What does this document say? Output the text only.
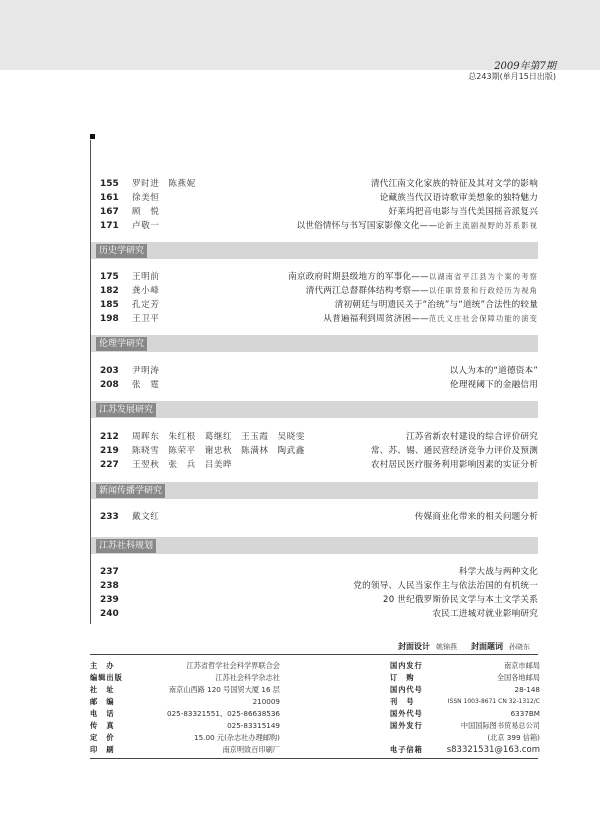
2009年第7期
总243期(单月15日出版)
155	罗时进　陈燕妮	清代江南文化家族的特征及其对文学的影响
161	徐美恒	论藏族当代汉语诗歌审美想象的独特魅力
167	顾　悦	好莱坞把音电影与当代美国摇音派复兴
171	卢敬一	以世俗情怀与书写国家影像文化——论新主流剧视野的苏系影视
历史学研究
175	王明前	南京政府时期县级地方的军事化——以湖南省平江县为个案的考察
182	龚小峰	清代两江总督群体结构考察——以任职背景和行政经历为视角
185	孔定芳	清初朝廷与明遗民关于“治统”与“道统”合法性的较量
198	王卫平	从普遍福利到周贫济困——范氏义庄社会保障功能的演变
伦理学研究
203	尹明涛	以人为本的“道德资本”
208	张　霆	伦理视阈下的金融信用
江苏发展研究
212	周晖东　朱红根　葛继红　王玉霞　吴晓雯	江苏省新农村建设的综合评价研究
219	陈晓雪　陈荣平　谢忠秋　陈满林　陶武鑫	常、苏、锡、通民营经济竞争力评价及预测
227	王翌秋　张　兵　吕美晔	农村居民医疗服务利用影响因素的实证分析
新闻传播学研究
233	戴文红	传媒商业化带来的相关问题分析
江苏社科规划
237	科学大战与两种文化
238	党的领导、人民当家作主与依法治国的有机统一
239	20 世纪俄罗斯侨民文学与本土文学关系
240	农民工进城对就业影响研究
封面设计 姚锦燕 封面题词 孙晓东
主　办	江苏省哲学社会科学界联合会
编辑出版	江苏社会科学杂志社
社　址	南京山西路 120 号国贸大厦 16 层
邮　编	210009
电　话	025-83321551、025-86638536
传　真	025-83315149
定　价	15.00 元(杂志社办理邮购)
印　刷	南京明致百印刷厂
国内发行	南京市邮局
订　购	全国各地邮局
国内代号	28-148
刊　号	ISSN 1003-8671 CN 32-1312/C
国外代号	6337BM
国外发行	中国国际图书贸易总公司
(北京 399 信箱)
电子信箱	s83321531@163.com
